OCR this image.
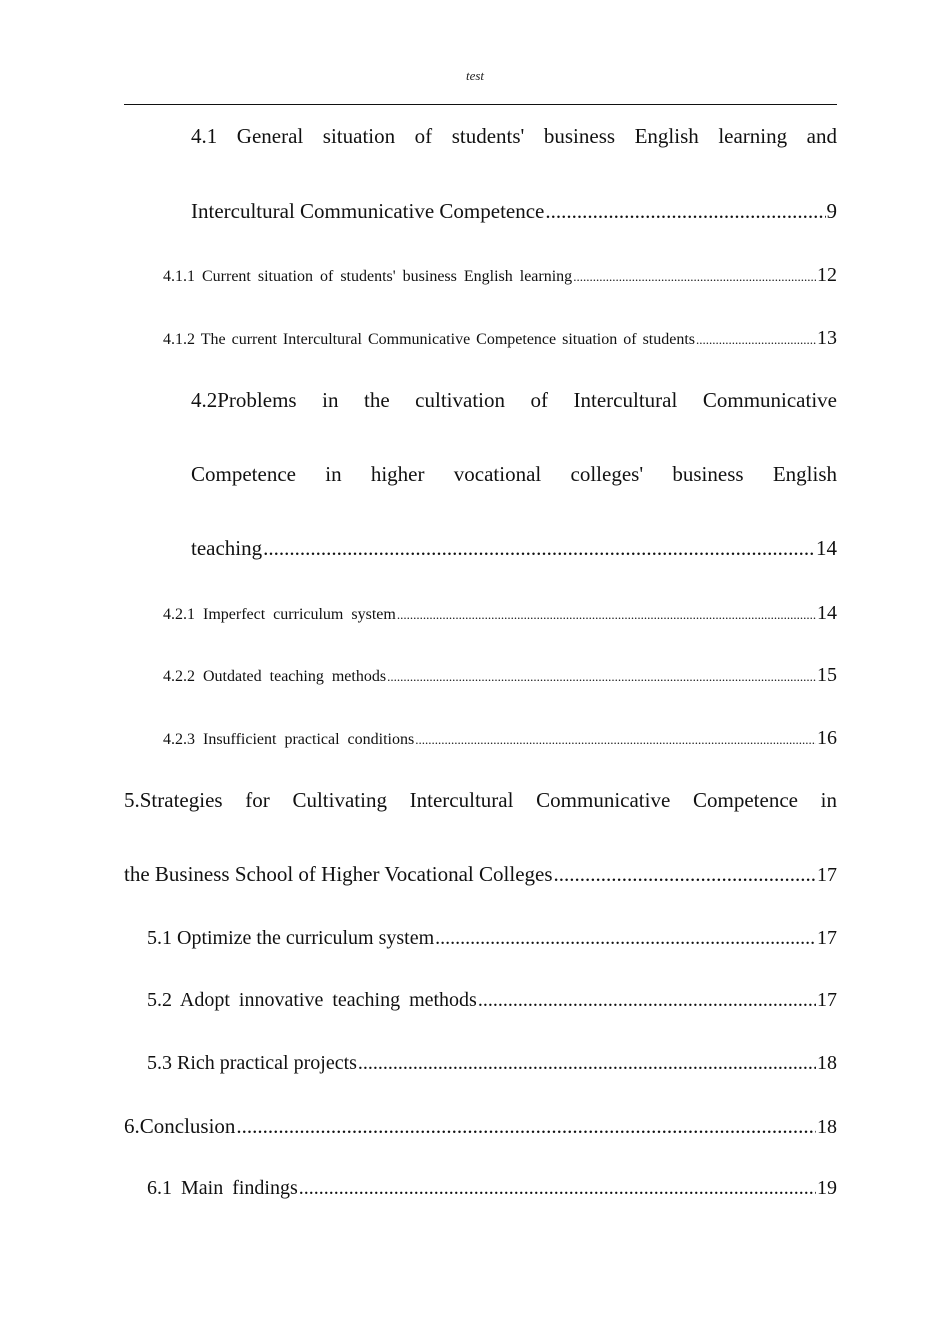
test
4.1 General situation of students' business English learning and
Intercultural Communicative Competence .....	9
4.1.1 Current situation of students' business English learning .....	12
4.1.2 The current Intercultural Communicative Competence situation of students .....	13
4.2Problems in the cultivation of Intercultural Communicative
Competence in higher vocational colleges' business English
teaching .....	14
4.2.1 Imperfect curriculum system .....	14
4.2.2 Outdated teaching methods .....	15
4.2.3 Insufficient practical conditions .....	16
5.Strategies for Cultivating Intercultural Communicative Competence in
the Business School of Higher Vocational Colleges .....	17
5.1 Optimize the curriculum system .....	17
5.2 Adopt innovative teaching methods .....	17
5.3 Rich practical projects .....	18
6.Conclusion .....	18
6.1 Main findings .....	19
